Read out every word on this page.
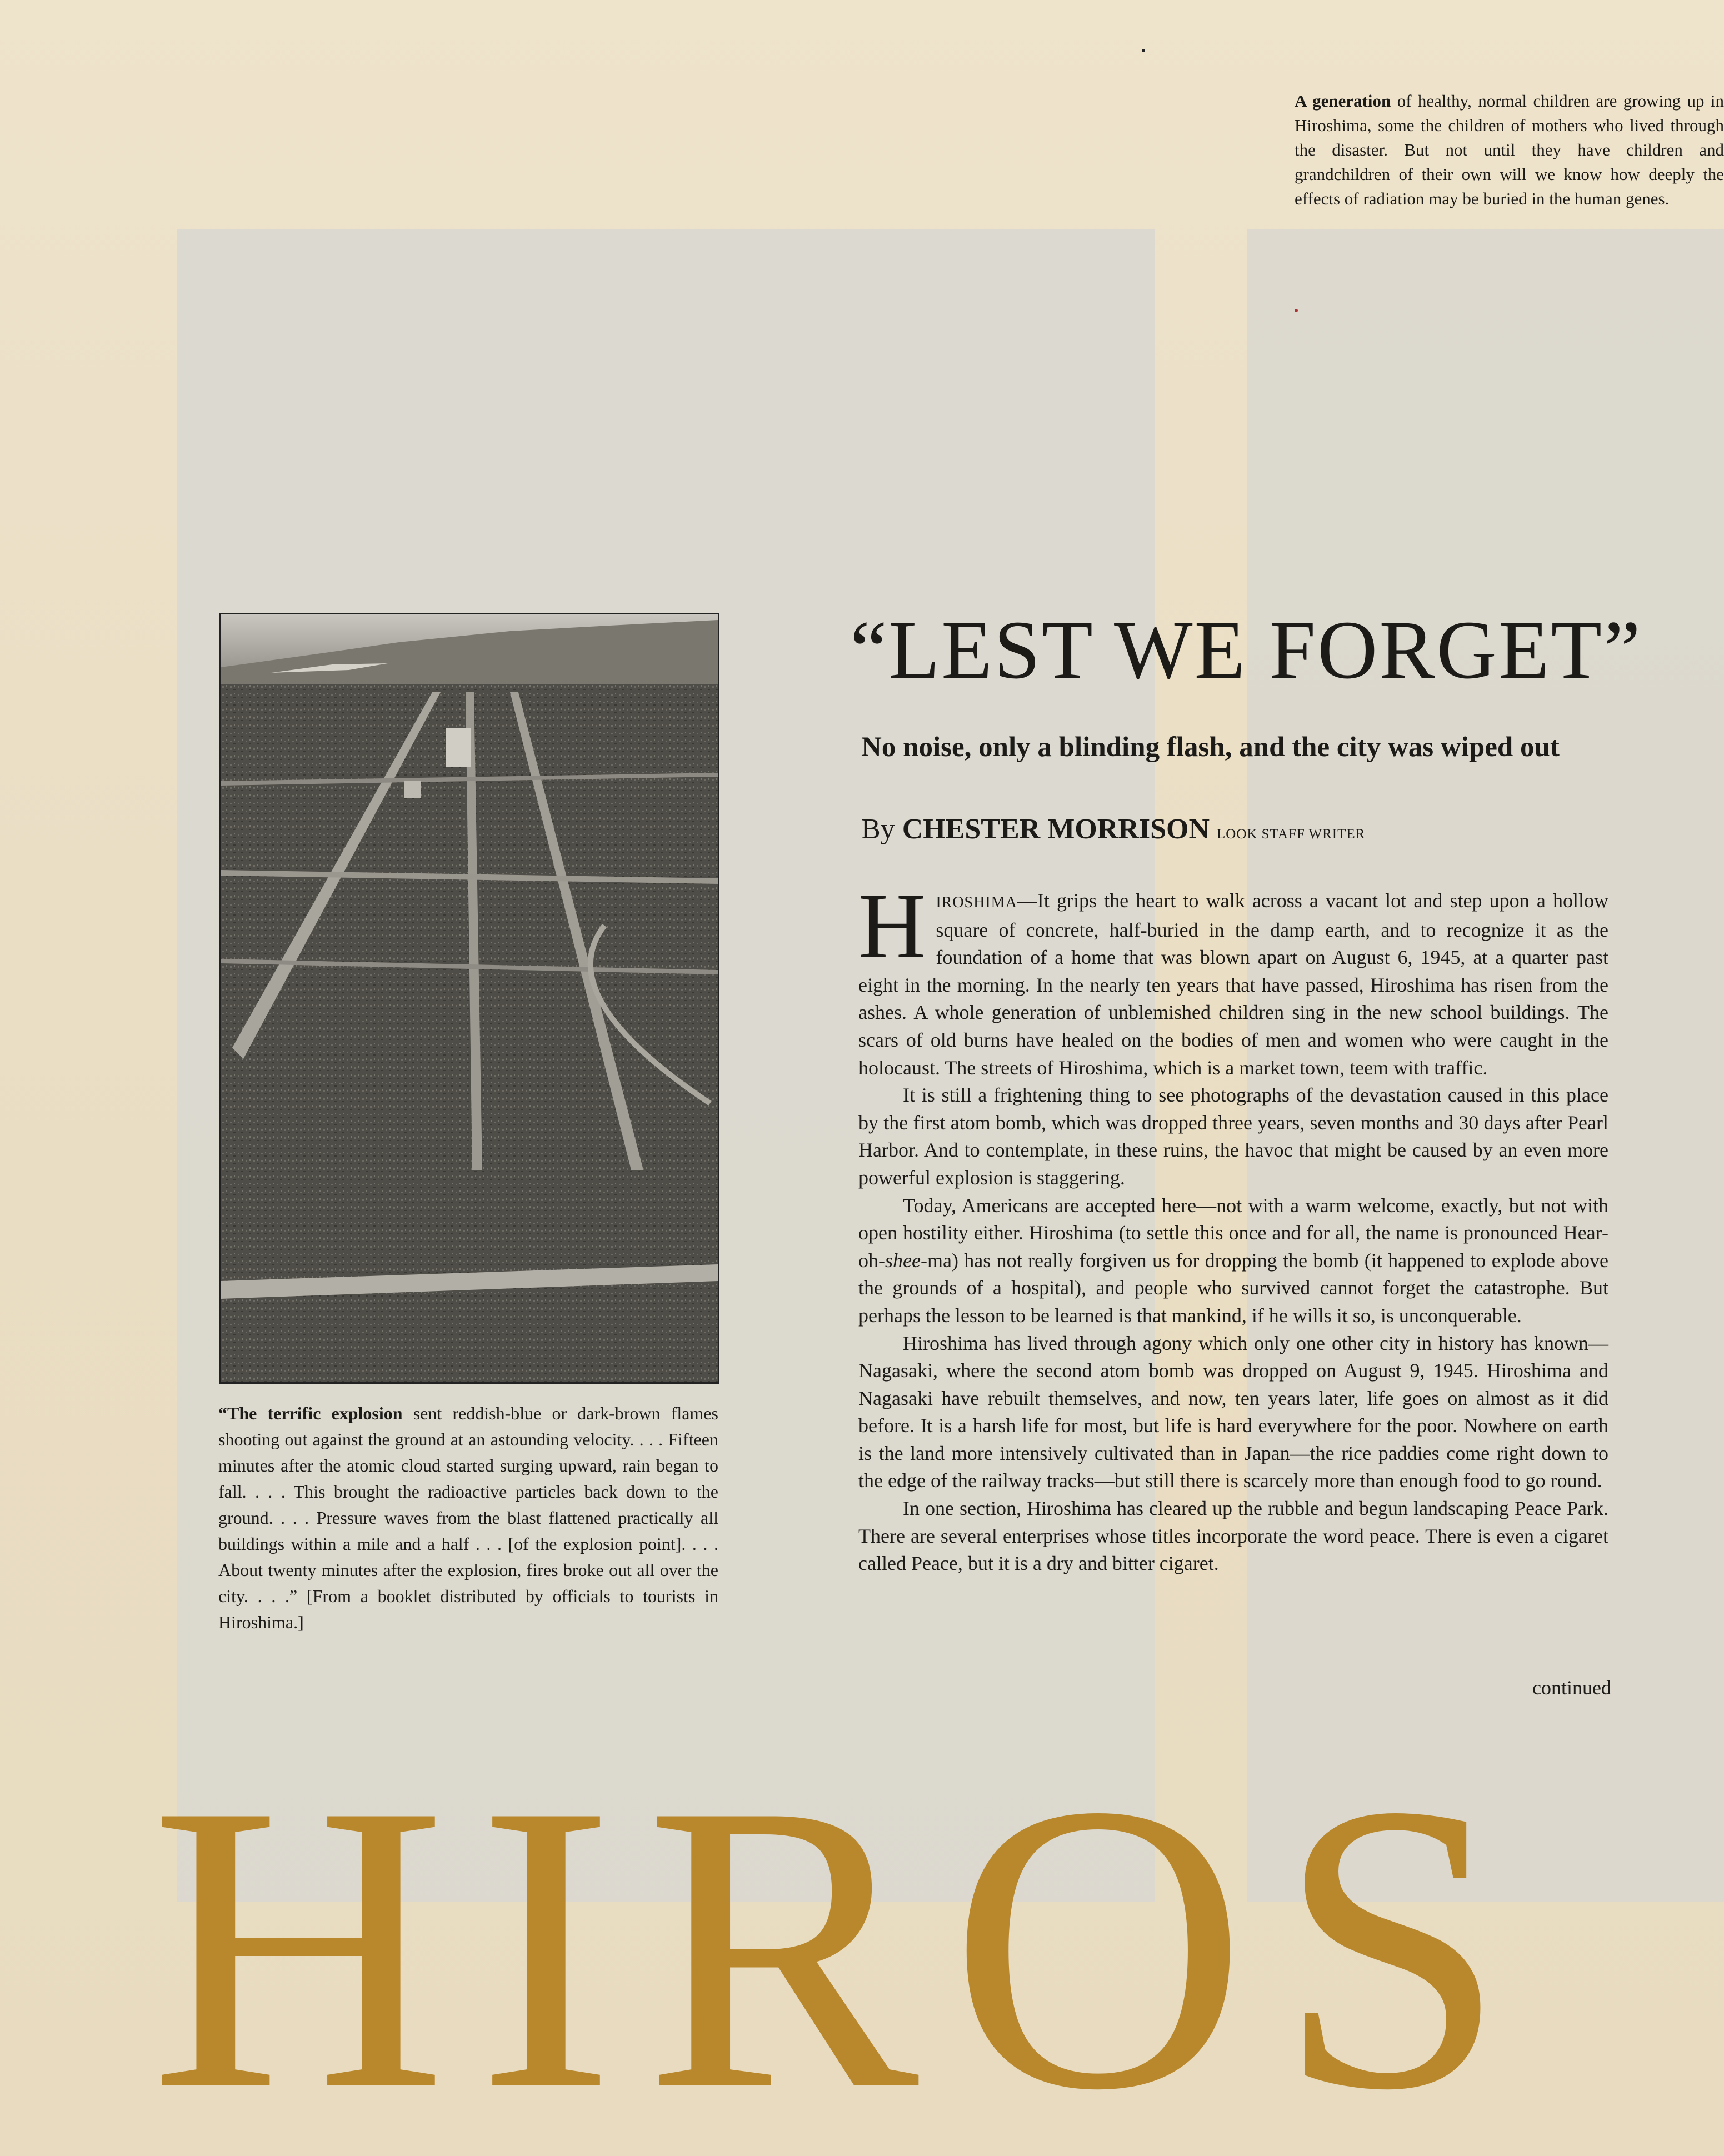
A generation of healthy, normal children are growing up in Hiroshima, some the children of mothers who lived through the disaster. But not until they have children and grandchildren of their own will we know how deeply the effects of radiation may be buried in the human genes.
“The terrific explosion sent reddish-blue or dark-brown flames shooting out against the ground at an astounding velocity. . . . Fifteen minutes after the atomic cloud started surging upward, rain began to fall. . . . This brought the radioactive particles back down to the ground. . . . Pressure waves from the blast flattened practically all buildings within a mile and a half . . . [of the explosion point]. . . . About twenty minutes after the explosion, fires broke out all over the city. . . .” [From a booklet distributed by officials to tourists in Hiroshima.]
“LEST WE FORGET”
No noise, only a blinding flash, and the city was wiped out
By CHESTER MORRISON LOOK STAFF WRITER

HIROSHIMA—It grips the heart to walk across a vacant lot and step upon a hollow square of concrete, half-buried in the damp earth, and to recognize it as the foundation of a home that was blown apart on August 6, 1945, at a quarter past eight in the morning. In the nearly ten years that have passed, Hiroshima has risen from the ashes. A whole generation of unblemished children sing in the new school buildings. The scars of old burns have healed on the bodies of men and women who were caught in the holocaust. The streets of Hiroshima, which is a market town, teem with traffic.

It is still a frightening thing to see photographs of the devastation caused in this place by the first atom bomb, which was dropped three years, seven months and 30 days after Pearl Harbor. And to contemplate, in these ruins, the havoc that might be caused by an even more powerful explosion is staggering.

Today, Americans are accepted here—not with a warm welcome, exactly, but not with open hostility either. Hiroshima (to settle this once and for all, the name is pronounced Hear-oh-shee-ma) has not really forgiven us for dropping the bomb (it happened to explode above the grounds of a hospital), and people who survived cannot forget the catastrophe. But perhaps the lesson to be learned is that mankind, if he wills it so, is unconquerable.

Hiroshima has lived through agony which only one other city in history has known—Nagasaki, where the second atom bomb was dropped on August 9, 1945. Hiroshima and Nagasaki have rebuilt themselves, and now, ten years later, life goes on almost as it did before. It is a harsh life for most, but life is hard everywhere for the poor. Nowhere on earth is the land more intensively cultivated than in Japan—the rice paddies come right down to the edge of the railway tracks—but still there is scarcely more than enough food to go round.

In one section, Hiroshima has cleared up the rubble and begun landscaping Peace Park. There are several enterprises whose titles incorporate the word peace. There is even a cigaret called Peace, but it is a dry and bitter cigaret.

continued
HIROS
